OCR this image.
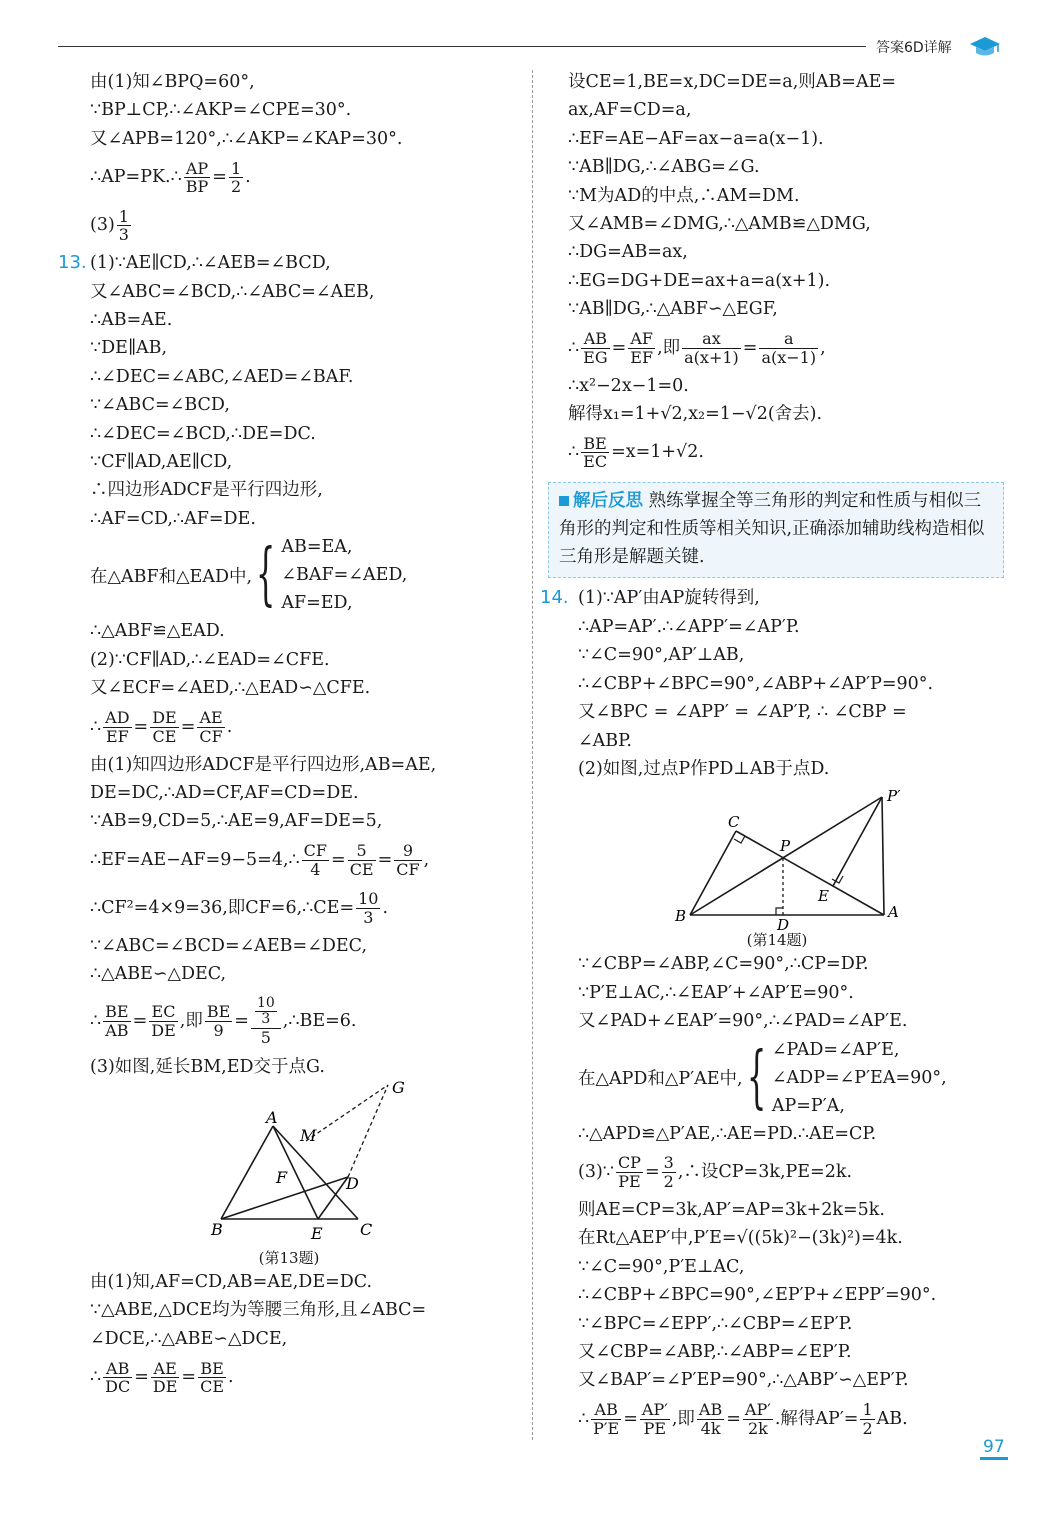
答案6D详解
由(1)知∠BPQ=60°,
∵BP⊥CP,∴∠AKP=∠CPE=30°.
又∠APB=120°,∴∠AKP=∠KAP=30°.
∴AP=PK.∴ $\frac{AP}{BP} = \frac{1}{2}$ .
$(3) \frac{1}{3}$
13. (1)∵AE∥CD,∴∠AEB=∠BCD,
又∠ABC=∠BCD,∴∠ABC=∠AEB,
∴AB=AE.
∵DE∥AB,
∴∠DEC=∠ABC,∠AED=∠BAF.
∵∠ABC=∠BCD,
∴∠DEC=∠BCD,∴DE=DC.
∵CF∥AD,AE∥CD,
∴四边形ADCF是平行四边形,
∴AF=CD,∴AF=DE.
在△ABF和△EAD中, { AB=EA,
∠BAF=∠AED,
AF=ED,
∴△ABF≌△EAD.
(2)∵CF∥AD,∴∠EAD=∠CFE.
又∠ECF=∠AED,∴△EAD∽△CFE.
∴ $\frac{AD}{EF} = \frac{DE}{CE} = \frac{AE}{CF}$ .
由(1)知四边形ADCF是平行四边形,AB=AE,
DE=DC,∴AD=CF,AF=CD=DE.
∵AB=9,CD=5,∴AE=9,AF=DE=5,
∴EF=AE−AF=9−5=4,∴ $\frac{CF}{4} = \frac{5}{CE} = \frac{9}{CF}$ ,
∴CF²=4×9=36,即CF=6,∴CE= $\frac{10}{3}$ .
∵∠ABC=∠BCD=∠AEB=∠DEC,
∴△ABE∽△DEC,
∴ $\frac{BE}{AB} = \frac{EC}{DE}$ ,即 $\frac{BE}{9} = \frac{\frac{10}{3}}{5}$ ,∴BE=6.
(3)如图,延长BM,ED交于点G.
A
B	C
D
E
F
G
M
(第13题)
由(1)知,AF=CD,AB=AE,DE=DC.
∵△ABE,△DCE均为等腰三角形,且∠ABC=
∠DCE,∴△ABE∽△DCE,
∴ $\frac{AB}{DC} = \frac{AE}{DE} = \frac{BE}{CE}$ .
设CE=1,BE=x,DC=DE=a,则AB=AE=
ax,AF=CD=a,
∴EF=AE−AF=ax−a=a(x−1).
∵AB∥DG,∴∠ABG=∠G.
∵M为AD的中点,∴AM=DM.
又∠AMB=∠DMG,∴△AMB≌△DMG,
∴DG=AB=ax,
∴EG=DG+DE=ax+a=a(x+1).
∵AB∥DG,∴△ABF∽△EGF,
∴ $\frac{AB}{EG} = \frac{AF}{EF}$ ,即 $\frac{ax}{a(x+1)} = \frac{a}{a(x-1)}$ ,
∴x²−2x−1=0.
解得x₁=1+√2,x₂=1−√2(舍去).
∴ $\frac{BE}{EC} =x=1+√2$.
解后反思 熟练掌握全等三角形的判定和性质与相似三角形的判定和性质等相关知识,正确添加辅助线构造相似三角形是解题关键.
14. (1)∵AP′由AP旋转得到,
∴AP=AP′.∴∠APP′=∠AP′P.
∵∠C=90°,AP′⊥AB,
∴∠CBP+∠BPC=90°,∠ABP+∠AP′P=90°.
又∠BPC = ∠APP′ = ∠AP′P, ∴ ∠CBP =
∠ABP.
(2)如图,过点P作PD⊥AB于点D.
C
P
P′
B	A
D
E
(第14题)
∵∠CBP=∠ABP,∠C=90°,∴CP=DP.
∵P′E⊥AC,∴∠EAP′+∠AP′E=90°.
又∠PAD+∠EAP′=90°,∴∠PAD=∠AP′E.
在△APD和△P′AE中, { ∠PAD=∠AP′E,
∠ADP=∠P′EA=90°,
AP=P′A,
∴△APD≌△P′AE,∴AE=PD.∴AE=CP.
(3)∵ $\frac{CP}{PE} = \frac{3}{2}$ ,∴设CP=3k,PE=2k.
则AE=CP=3k,AP′=AP=3k+2k=5k.
在Rt△AEP′中,P′E=√((5k)²−(3k)²)=4k.
∵∠C=90°,P′E⊥AC,
∴∠CBP+∠BPC=90°,∠EP′P+∠EPP′=90°.
∵∠BPC=∠EPP′,∴∠CBP=∠EP′P.
又∠CBP=∠ABP,∴∠ABP=∠EP′P.
又∠BAP′=∠P′EP=90°,∴△ABP′∽△EP′P.
∴ $\frac{AB}{P'E} = \frac{AP'}{PE}$ ,即 $\frac{AB}{4k} = \frac{AP'}{2k}$ .解得$AP'= \frac{1}{2}$ AB.
97
